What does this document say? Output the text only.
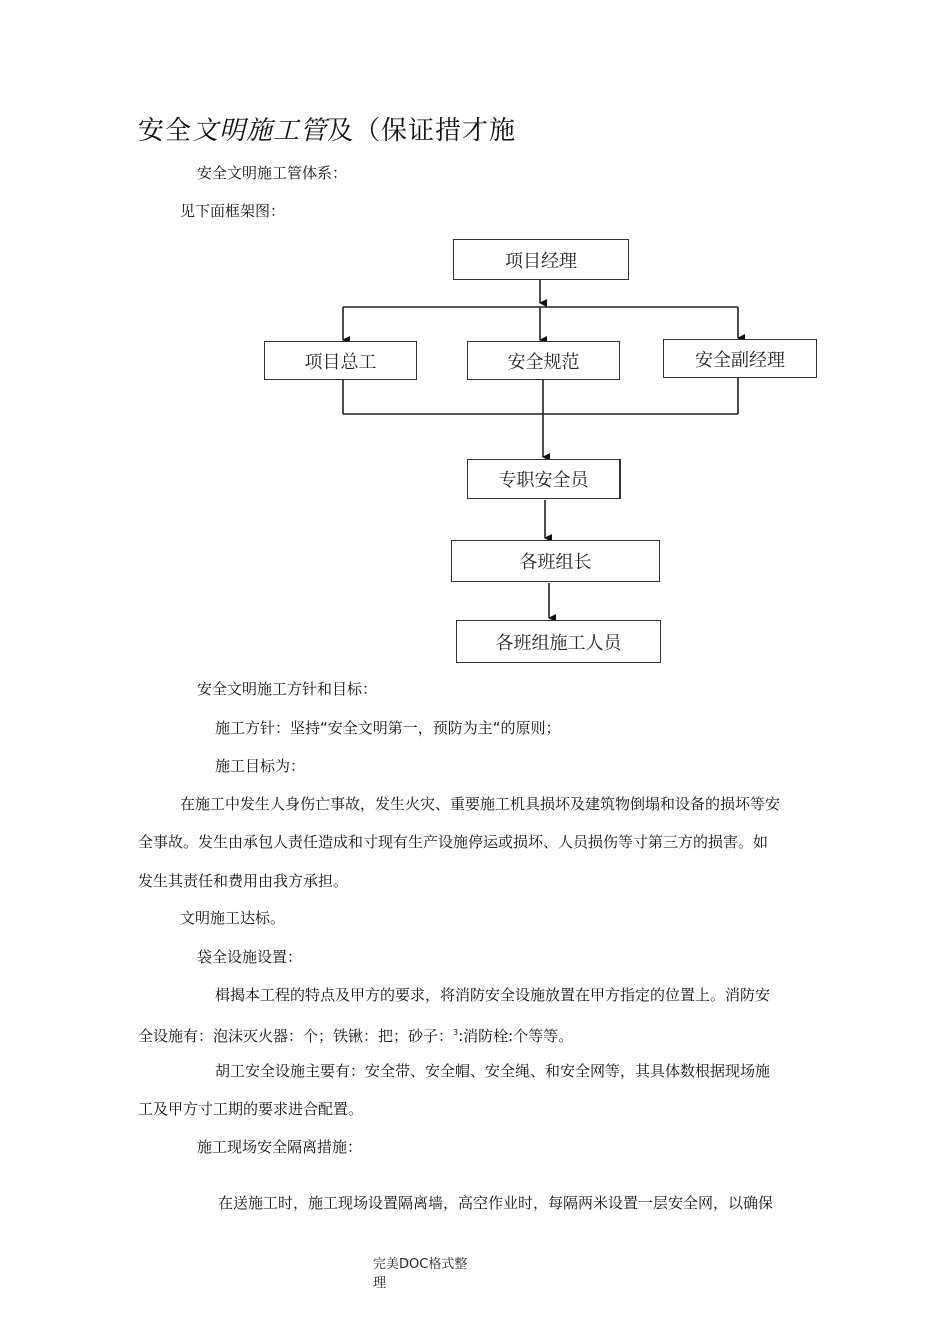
安全文明施工管及（保证措才施
安全文明施工管体系：
见下面框架图：
项目经理
项目总工	安全规范	安全副经理
专职安全员
各班组长
各班组施工人员
安全文明施工方针和目标：
施工方针：坚持“安全文明第一，预防为主“的原则；
施工目标为：
在施工中发生人身伤亡事故，发生火灾、重要施工机具损坏及建筑物倒塌和设备的损坏等安
全事故。发生由承包人责任造成和寸现有生产设施停运或损坏、人员损伤等寸第三方的损害。如
发生其责任和费用由我方承担。
文明施工达标。
袋全设施设置：
楫揭本工程的特点及甲方的要求，将消防安全设施放置在甲方指定的位置上。消防安
全设施有：泡沫灭火器：个；铁锹：把；砂子：$^3$:消防栓:个等等。
胡工安全设施主要有：安全带、安全帽、安全绳、和安全网等，其具体数根据现场施
工及甲方寸工期的要求进合配置。
施工现场安全隔离措施：
在送施工时，施工现场设置隔离墙，高空作业时，每隔两米设置一层安全网，以确保
完美DOC格式整
理
